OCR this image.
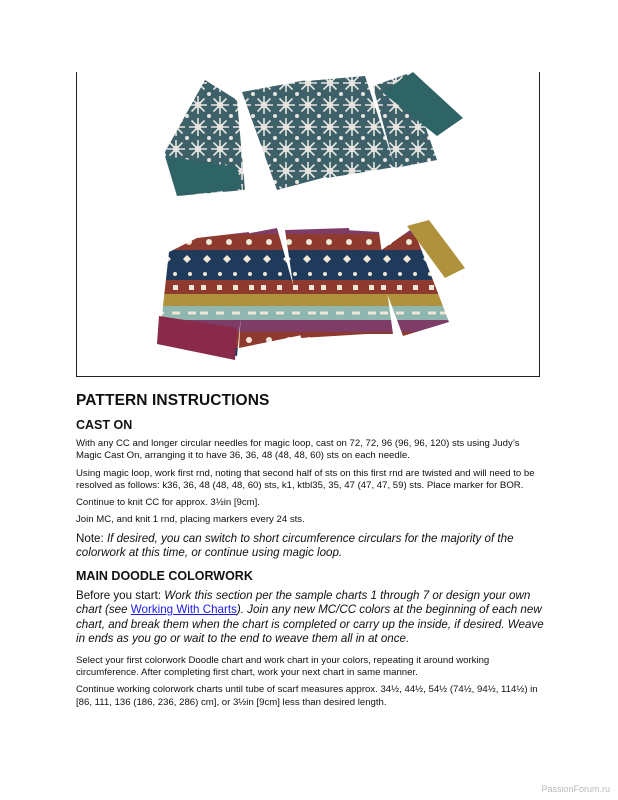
PATTERN INSTRUCTIONS
CAST ON

With any CC and longer circular needles for magic loop, cast on 72, 72, 96 (96, 96, 120) sts using Judy’s Magic Cast On, arranging it to have 36, 36, 48 (48, 48, 60) sts on each needle.

Using magic loop, work first rnd, noting that second half of sts on this first rnd are twisted and will need to be resolved as follows: k36, 36, 48 (48, 48, 60) sts, k1, ktbl35, 35, 47 (47, 47, 59) sts. Place marker for BOR.

Continue to knit CC for approx. 3½in [9cm].

Join MC, and knit 1 rnd, placing markers every 24 sts.

Note: If desired, you can switch to short circumference circulars for the majority of the colorwork at this time, or continue using magic loop.

MAIN DOODLE COLORWORK

Before you start: Work this section per the sample charts 1 through 7 or design your own chart (see Working With Charts). Join any new MC/CC colors at the beginning of each new chart, and break them when the chart is completed or carry up the inside, if desired. Weave in ends as you go or wait to the end to weave them all in at once.

Select your first colorwork Doodle chart and work chart in your colors, repeating it around working circumference. After completing first chart, work your next chart in same manner.

Continue working colorwork charts until tube of scarf measures approx. 34½, 44½, 54½ (74½, 94½, 114½) in [86, 111, 136 (186, 236, 286) cm], or 3½in [9cm] less than desired length.

PassionForum.ru
